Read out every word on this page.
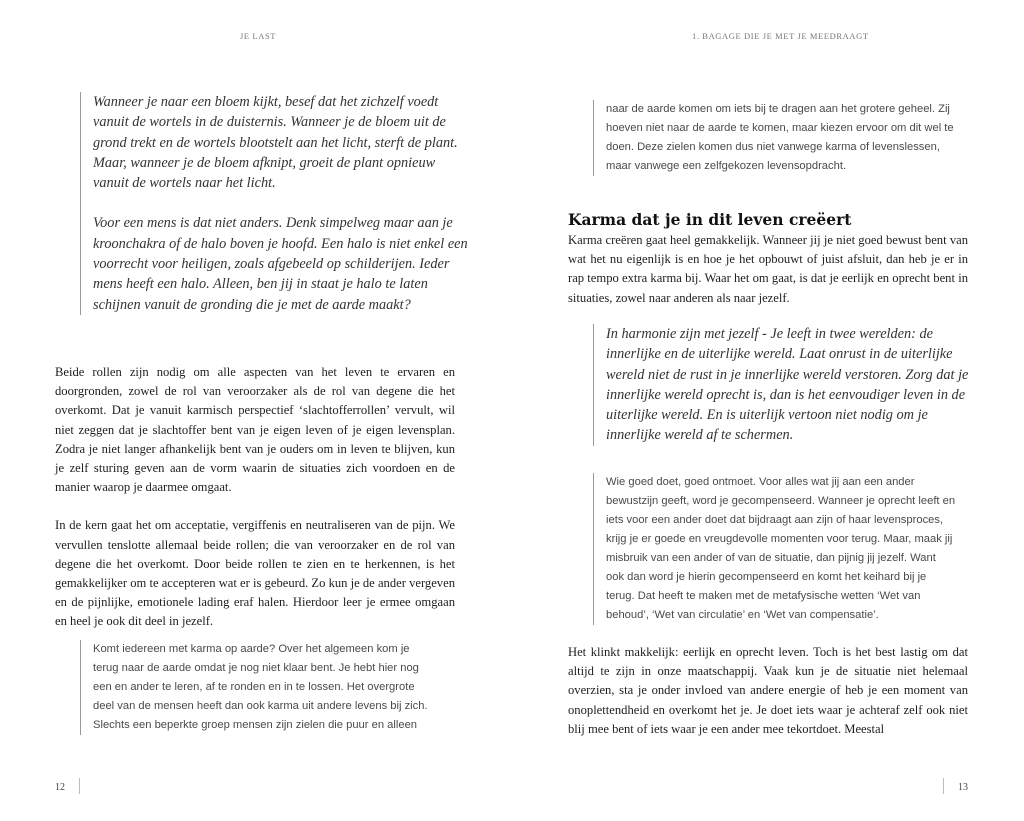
JE LAST

Wanneer je naar een bloem kijkt, besef dat het zichzelf voedt vanuit de wortels in de duisternis. Wanneer je de bloem uit de grond trekt en de wortels blootstelt aan het licht, sterft de plant. Maar, wanneer je de bloem afknipt, groeit de plant opnieuw vanuit de wortels naar het licht.

Voor een mens is dat niet anders. Denk simpelweg maar aan je kroonchakra of de halo boven je hoofd. Een halo is niet enkel een voorrecht voor heiligen, zoals afgebeeld op schilderijen. Ieder mens heeft een halo. Alleen, ben jij in staat je halo te laten schijnen vanuit de gronding die je met de aarde maakt?

Beide rollen zijn nodig om alle aspecten van het leven te ervaren en doorgronden, zowel de rol van veroorzaker als de rol van degene die het overkomt. Dat je vanuit karmisch perspectief ‘slachtofferrollen’ vervult, wil niet zeggen dat je slachtoffer bent van je eigen leven of je eigen levensplan. Zodra je niet langer afhankelijk bent van je ouders om in leven te blijven, kun je zelf sturing geven aan de vorm waarin de situaties zich voordoen en de manier waarop je daarmee omgaat.

In de kern gaat het om acceptatie, vergiffenis en neutraliseren van de pijn. We vervullen tenslotte allemaal beide rollen; die van veroorzaker en de rol van degene die het overkomt. Door beide rollen te zien en te herkennen, is het gemakkelijker om te accepteren wat er is gebeurd. Zo kun je de ander vergeven en de pijnlijke, emotionele lading eraf halen. Hierdoor leer je ermee omgaan en heel je ook dit deel in jezelf.

Komt iedereen met karma op aarde? Over het algemeen kom je terug naar de aarde omdat je nog niet klaar bent. Je hebt hier nog een en ander te leren, af te ronden en in te lossen. Het overgrote deel van de mensen heeft dan ook karma uit andere levens bij zich. Slechts een beperkte groep mensen zijn zielen die puur en alleen
12
1. BAGAGE DIE JE MET JE MEEDRAAGT
naar de aarde komen om iets bij te dragen aan het grotere geheel. Zij hoeven niet naar de aarde te komen, maar kiezen ervoor om dit wel te doen. Deze zielen komen dus niet vanwege karma of levenslessen, maar vanwege een zelfgekozen levensopdracht.
Karma dat je in dit leven creëert

Karma creëren gaat heel gemakkelijk. Wanneer jij je niet goed bewust bent van wat het nu eigenlijk is en hoe je het opbouwt of juist afsluit, dan heb je er in rap tempo extra karma bij. Waar het om gaat, is dat je eerlijk en oprecht bent in situaties, zowel naar anderen als naar jezelf.

In harmonie zijn met jezelf - Je leeft in twee werelden: de innerlijke en de uiterlijke wereld. Laat onrust in de uiterlijke wereld niet de rust in je innerlijke wereld verstoren. Zorg dat je innerlijke wereld oprecht is, dan is het eenvoudiger leven in de uiterlijke wereld. En is uiterlijk vertoon niet nodig om je innerlijke wereld af te schermen.

Wie goed doet, goed ontmoet. Voor alles wat jij aan een ander bewustzijn geeft, word je gecompenseerd. Wanneer je oprecht leeft en iets voor een ander doet dat bijdraagt aan zijn of haar levensproces, krijg je er goede en vreugdevolle momenten voor terug. Maar, maak jij misbruik van een ander of van de situatie, dan pijnig jij jezelf. Want ook dan word je hierin gecompenseerd en komt het keihard bij je terug. Dat heeft te maken met de metafysische wetten ‘Wet van behoud’, ‘Wet van circulatie’ en ‘Wet van compensatie’.

Het klinkt makkelijk: eerlijk en oprecht leven. Toch is het best lastig om dat altijd te zijn in onze maatschappij. Vaak kun je de situatie niet helemaal overzien, sta je onder invloed van andere energie of heb je een moment van onoplettendheid en overkomt het je. Je doet iets waar je achteraf zelf ook niet blij mee bent of iets waar je een ander mee tekortdoet. Meestal

13
